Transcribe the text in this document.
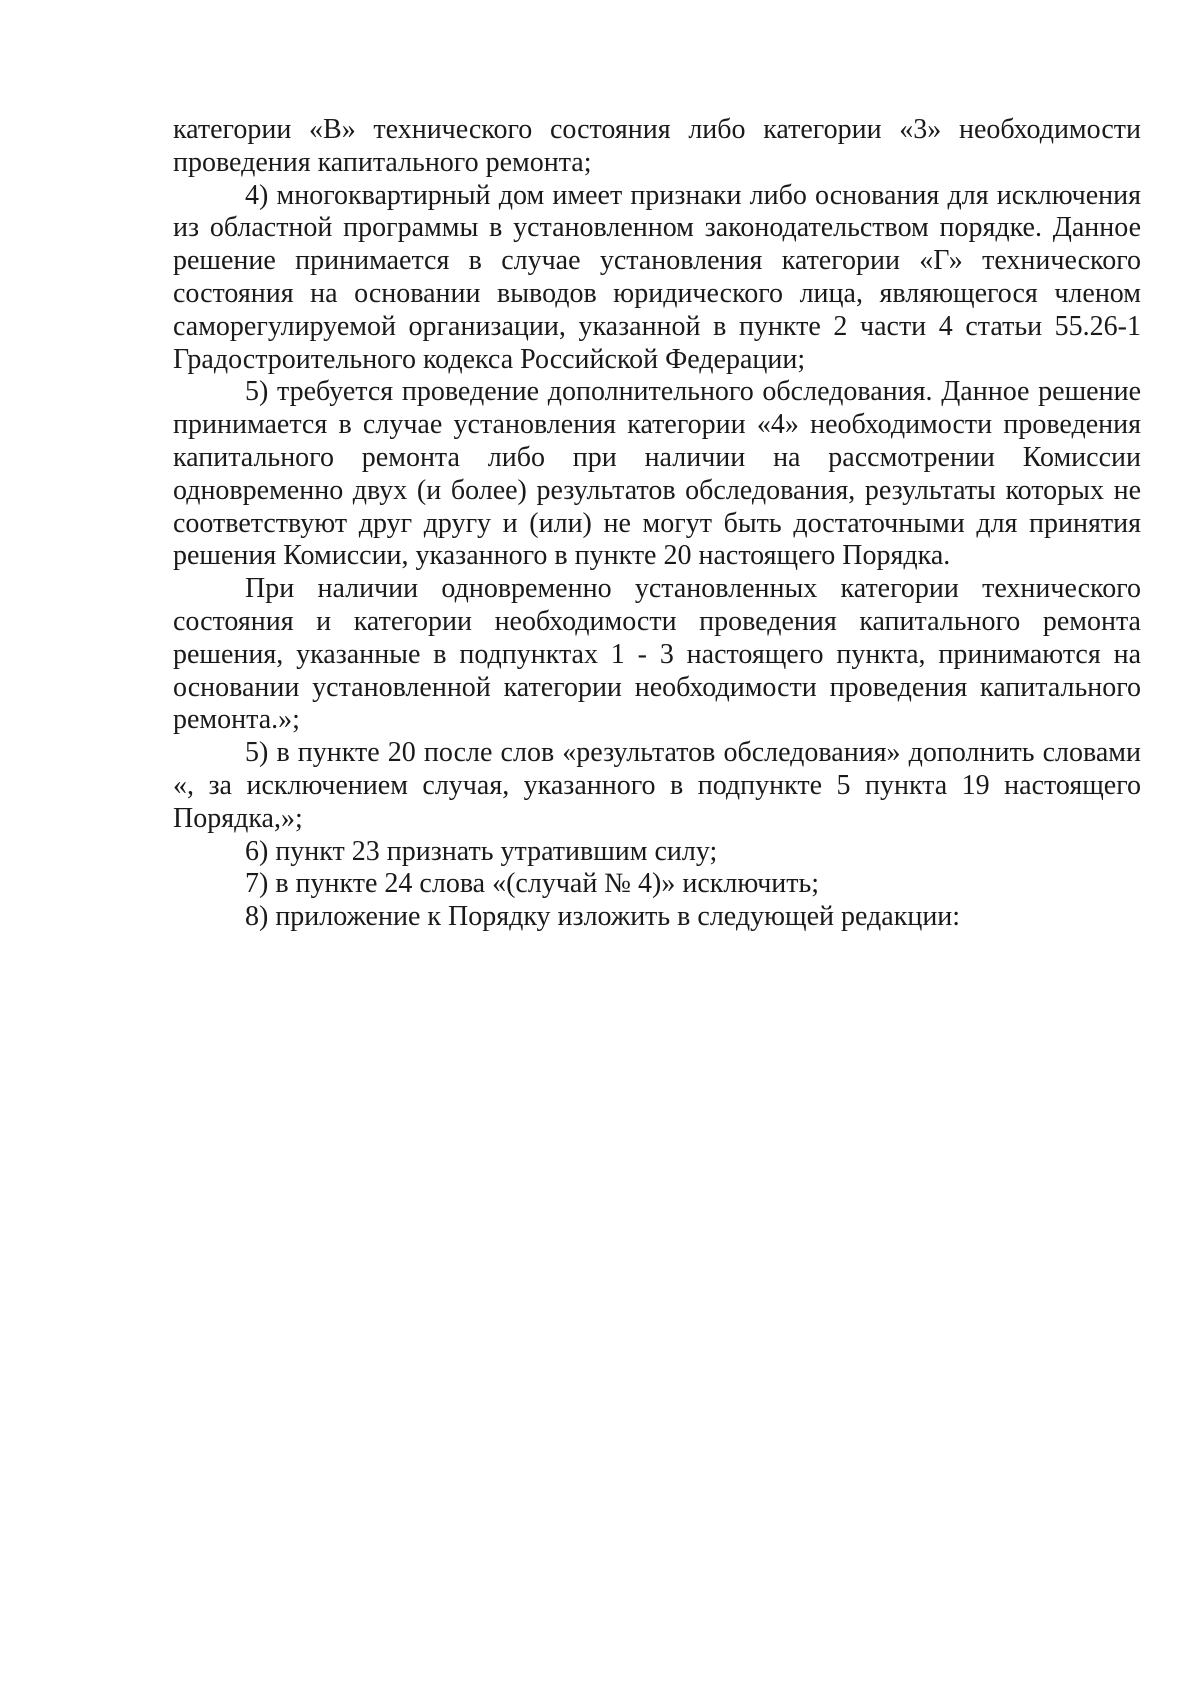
категории «В» технического состояния либо категории «3» необходимости проведения капитального ремонта;

4) многоквартирный дом имеет признаки либо основания для исключения из областной программы в установленном законодательством порядке. Данное решение принимается в случае установления категории «Г» технического состояния на основании выводов юридического лица, являющегося членом саморегулируемой организации, указанной в пункте 2 части 4 статьи 55.26-1 Градостроительного кодекса Российской Федерации;

5) требуется проведение дополнительного обследования. Данное решение принимается в случае установления категории «4» необходимости проведения капитального ремонта либо при наличии на рассмотрении Комиссии одновременно двух (и более) результатов обследования, результаты которых не соответствуют друг другу и (или) не могут быть достаточными для принятия решения Комиссии, указанного в пункте 20 настоящего Порядка.

При наличии одновременно установленных категории технического состояния и категории необходимости проведения капитального ремонта решения, указанные в подпунктах 1 - 3 настоящего пункта, принимаются на основании установленной категории необходимости проведения капитального ремонта.»;

5) в пункте 20 после слов «результатов обследования» дополнить словами «, за исключением случая, указанного в подпункте 5 пункта 19 настоящего Порядка,»;

6) пункт 23 признать утратившим силу;

7) в пункте 24 слова «(случай № 4)» исключить;

8) приложение к Порядку изложить в следующей редакции:
